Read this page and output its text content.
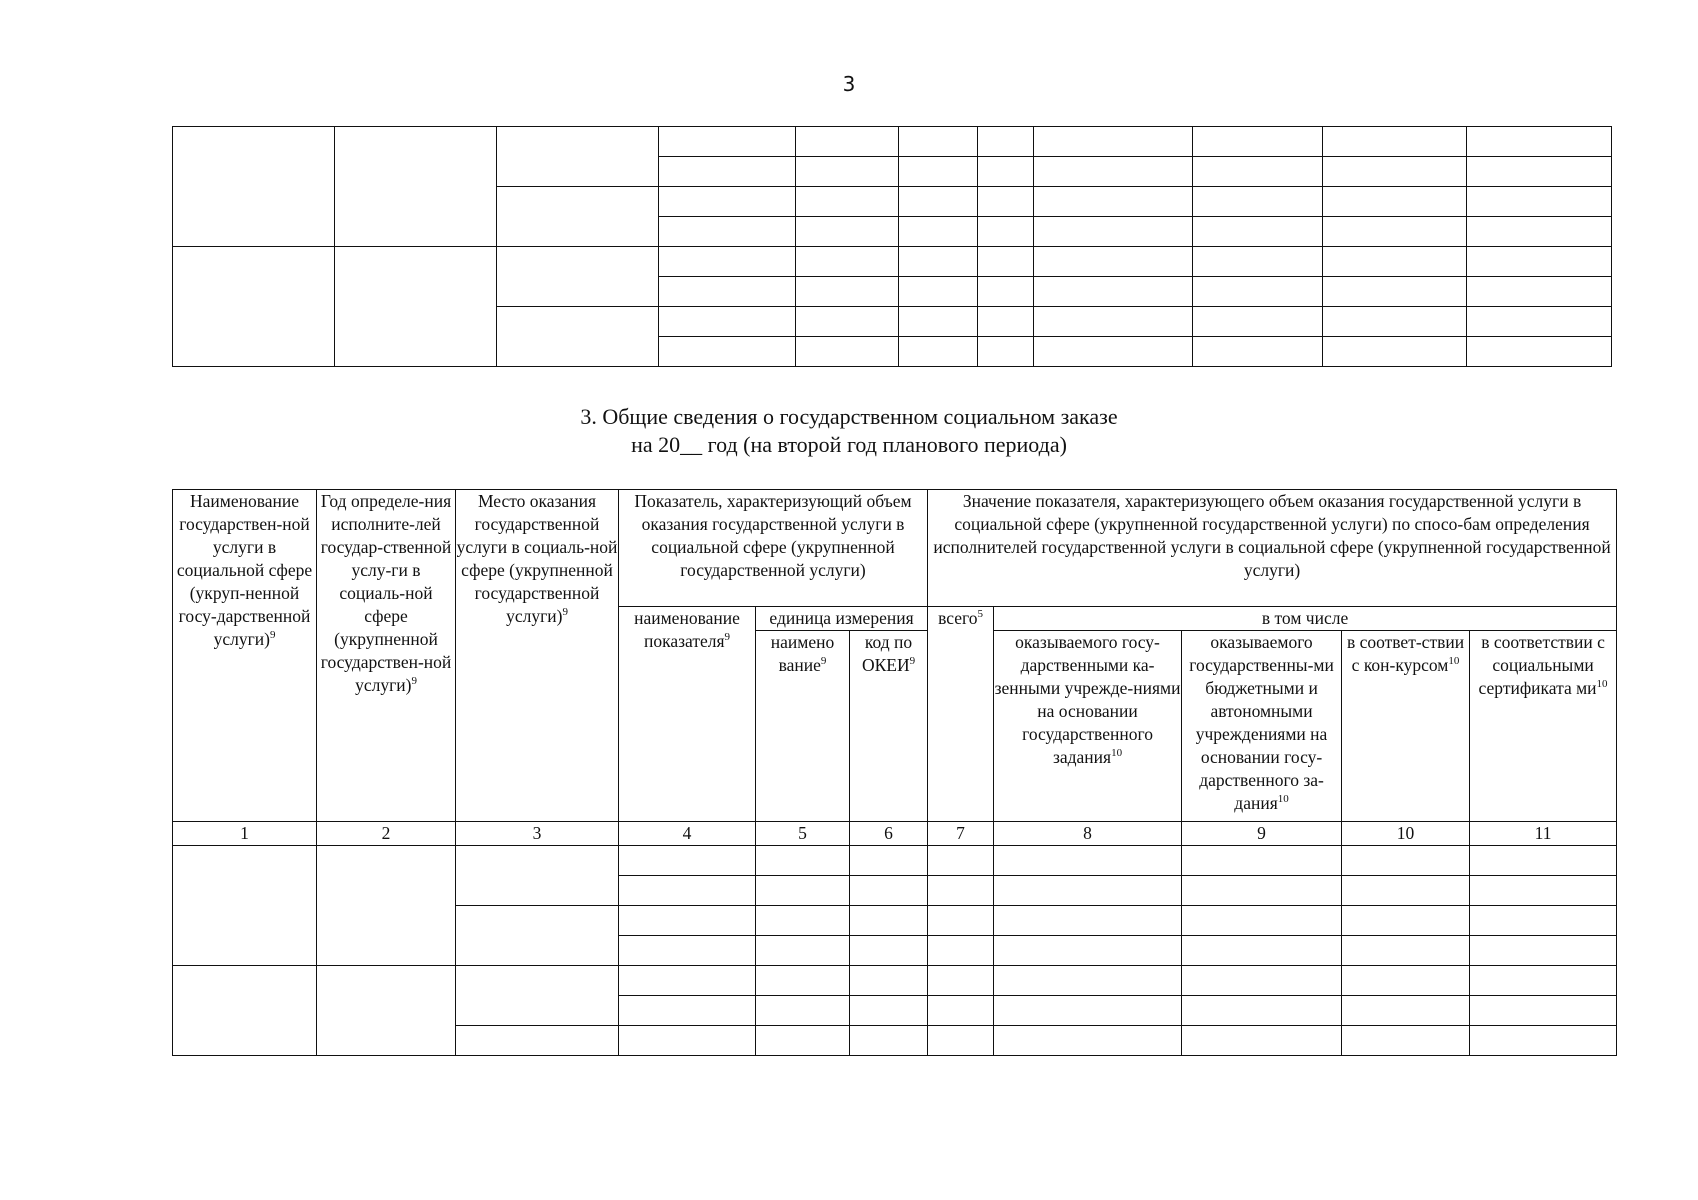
3

3. Общие сведения о государственном социальном заказе
на 20__ год (на второй год планового периода)
Наименование государствен-ной услуги в социальной сфере (укруп-ненной госу-дарственной услуги)$^9$	Год определе-ния исполните-лей государ-ственной услу-ги в социаль-ной сфере (укрупненной государствен-ной услуги)$^9$	Место оказания государственной услуги в социаль-ной сфере (укрупненной государственной услуги)$^9$	Показатель, характеризующий объем оказания государственной услуги в социальной сфере (укрупненной государственной услуги)			Значение показателя, характеризующего объем оказания государственной услуги в социальной сфере (укрупненной государственной услуги) по спосо-бам определения исполнителей государственной услуги в социальной сфере (укрупненной государственной услуги)				
			наименование показателя$^9$	единица измерения		всего$^5$	в том числе			
				наимено вание$^9$	код по ОКЕИ$^9$		оказываемого госу-дарственными ка-зенными учрежде-ниями на основании государственного задания$^{10}$	оказываемого государственны-ми бюджетными и автономными учреждениями на основании госу-дарственного за-дания$^{10}$	в соответ-ствии с кон-курсом$^{10}$	в соответствии с социальными сертификата $ми^{10}$
1	2	3	4	5	6	7	8	9	10	11
